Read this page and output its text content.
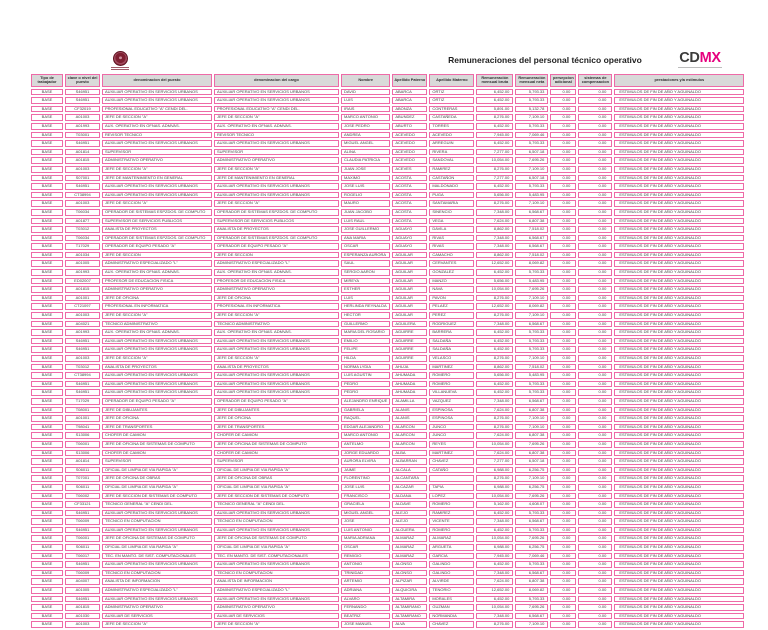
Remuneraciones del personal técnico operativo	CDMX
Tipo de trabajador	clave o nivel del puesto	denominacion del puesto	denominacion del cargo	Nombre	Apellido Paterno	Apellido Materno	Remuneración mensual bruta	Remuneración mensual neta	persepcion adicional	sistemas de compensacion	prestaciones y/a estimulos
BASE	S46951	AUXILIAR OPERATIVO EN SERVICIOS URBANOS	AUXILIAR OPERATIVO EN SERVICIOS URBANOS	DAVID	ABARCA	ORTIZ	6,452.00	5,793.33	0.00	0.00	ESTIMULOS DE FIN DE AÑO Y AGUINALDO
BASE	S46951	AUXILIAR OPERATIVO EN SERVICIOS URBANOS	AUXILIAR OPERATIVO EN SERVICIOS URBANOS	LUIS	ABARCA	ORTIZ	6,452.00	5,793.33	0.00	0.00	ESTIMULOS DE FIN DE AÑO Y AGUINALDO
BASE	CF32019	PROFESIONAL EDUCATIVO "A" CENDI DEL.	PROFESIONAL EDUCATIVO "A" CENDI DEL.	IRAIS	ABONZA	CONTRERAS	5,891.00	5,132.78	0.00	0.00	ESTIMULOS DE FIN DE AÑO Y AGUINALDO
BASE	A01003	JEFE DE SECCION "A"	JEFE DE SECCION "A"	MARCO ANTONIO	ABUNDEZ	CASTAÑEDA	8,276.00	7,109.10	0.00	0.00	ESTIMULOS DE FIN DE AÑO Y AGUINALDO
BASE	A01993	AUX. OPERATIVO EN OFNAS. ADMVAS.	AUX. OPERATIVO EN OFNAS. ADMVAS.	JOSE PEDRO	ABURTO	TORRES	6,452.00	5,793.33	0.00	0.00	ESTIMULOS DE FIN DE AÑO Y AGUINALDO
BASE	T03001	REVISOR TECNICO	REVISOR TECNICO	ANDREA	ACEVEDO	ACEVEDO	7,945.00	7,069.46	0.00	0.00	ESTIMULOS DE FIN DE AÑO Y AGUINALDO
BASE	S46951	AUXILIAR OPERATIVO EN SERVICIOS URBANOS	AUXILIAR OPERATIVO EN SERVICIOS URBANOS	MIGUEL ANGEL	ACEVEDO	ARREGUIN	6,452.00	5,793.33	0.00	0.00	ESTIMULOS DE FIN DE AÑO Y AGUINALDO
BASE	A01814	SUPERVISOR	SUPERVISOR	ALINA	ACEVEDO	RIVERA	7,277.00	6,507.18	0.00	0.00	ESTIMULOS DE FIN DE AÑO Y AGUINALDO
BASE	A01815	ADMINISTRATIVO OPERATIVO	ADMINISTRATIVO OPERATIVO	CLAUDIA PATRICIA	ACEVEDO	SANDOVAL	10,054.00	7,695.26	0.00	0.00	ESTIMULOS DE FIN DE AÑO Y AGUINALDO
BASE	A01003	JEFE DE SECCION "A"	JEFE DE SECCION "A"	JUAN JOSE	ACEVES	RAMIREZ	8,276.00	7,109.10	0.00	0.00	ESTIMULOS DE FIN DE AÑO Y AGUINALDO
BASE	S07001	JEFE DE MANTENIMIENTO EN GENERAL	JEFE DE MANTENIMIENTO EN GENERAL	MAXIMO	ACOSTA	CASTAÑON	7,277.00	6,507.18	0.00	0.00	ESTIMULOS DE FIN DE AÑO Y AGUINALDO
BASE	S46951	AUXILIAR OPERATIVO EN SERVICIOS URBANOS	AUXILIAR OPERATIVO EN SERVICIOS URBANOS	JOSE LUIS	ACOSTA	MALDONADO	6,452.00	5,793.33	0.00	0.00	ESTIMULOS DE FIN DE AÑO Y AGUINALDO
BASE	CT38994	AUXILIAR OPERATIVO EN SERVICIOS URBANOS	AUXILIAR OPERATIVO EN SERVICIOS URBANOS	ROGELIO	ACOSTA	PUGA	5,656.00	5,483.95	0.00	0.00	ESTIMULOS DE FIN DE AÑO Y AGUINALDO
BASE	A01003	JEFE DE SECCION "A"	JEFE DE SECCION "A"	MAURO	ACOSTA	SANTAMARIA	8,276.00	7,109.10	0.00	0.00	ESTIMULOS DE FIN DE AÑO Y AGUINALDO
BASE	T06034	OPERADOR DE SISTEMAS ESPZDOS. DE COMPUTO	OPERADOR DE SISTEMAS ESPZDOS. DE COMPUTO	JUAN JACOBO	ACOSTA	SINENCIO	7,348.00	6,568.67	0.00	0.00	ESTIMULOS DE FIN DE AÑO Y AGUINALDO
BASE	A01877	SUPERVISOR DE SERVICIOS PUBLICOS	SUPERVISOR DE SERVICIOS PUBLICOS	LUIS RAUL	ACOSTA	VEGA	7,624.00	6,807.38	0.00	0.00	ESTIMULOS DE FIN DE AÑO Y AGUINALDO
BASE	T03012	ANALISTA DE PROYECTOS	ANALISTA DE PROYECTOS	JOSE GUILLERMO	AGUAYO	DAVILA	8,862.00	7,518.02	0.00	0.00	ESTIMULOS DE FIN DE AÑO Y AGUINALDO
BASE	T06034	OPERADOR DE SISTEMAS ESPZDOS. DE COMPUTO	OPERADOR DE SISTEMAS ESPZDOS. DE COMPUTO	ANA MARIA	AGUAYO	RIVAS	7,348.00	6,568.67	0.00	0.00	ESTIMULOS DE FIN DE AÑO Y AGUINALDO
BASE	T17029	OPERADOR DE EQUIPO PESADO "A"	OPERADOR DE EQUIPO PESADO "A"	OSCAR	AGUAYO	RIVAS	7,348.00	6,568.67	0.00	0.00	ESTIMULOS DE FIN DE AÑO Y AGUINALDO
BASE	A01034	JEFE DE SECCION	JEFE DE SECCION	ESPERANZA AURORA	AGUILAR	CAMACHO	8,862.00	7,518.02	0.00	0.00	ESTIMULOS DE FIN DE AÑO Y AGUINALDO
BASE	A01005	ADMINISTRATIVO ESPECIALIZADO "L"	ADMINISTRATIVO ESPECIALIZADO "L"	SAUL	AGUILAR	CERVANTES	12,652.00	8,069.82	0.00	0.00	ESTIMULOS DE FIN DE AÑO Y AGUINALDO
BASE	A01993	AUX. OPERATIVO EN OFNAS. ADMVAS.	AUX. OPERATIVO EN OFNAS. ADMVAS.	SERGIO AARON	AGUILAR	GONZALEZ	6,452.00	5,793.33	0.00	0.00	ESTIMULOS DE FIN DE AÑO Y AGUINALDO
BASE	ED02007	PROFESOR DE EDUCACION FISICA	PROFESOR DE EDUCACION FISICA	MIREYA	AGUILAR	MANZO	5,656.00	5,483.95	0.00	0.00	ESTIMULOS DE FIN DE AÑO Y AGUINALDO
BASE	A01815	ADMINISTRATIVO OPERATIVO	ADMINISTRATIVO OPERATIVO	ESTHER	AGUILAR	NAVA	10,054.00	7,695.26	0.00	0.00	ESTIMULOS DE FIN DE AÑO Y AGUINALDO
BASE	A01001	JEFE DE OFICINA	JEFE DE OFICINA	LUIS	AGUILAR	PAVON	8,276.00	7,109.10	0.00	0.00	ESTIMULOS DE FIN DE AÑO Y AGUINALDO
BASE	CT21097	PROFESIONAL EN INFORMATICA	PROFESIONAL EN INFORMATICA	HERLINDA REYNALDA	AGUILAR	PELAEZ	12,652.00	8,069.82	0.00	0.00	ESTIMULOS DE FIN DE AÑO Y AGUINALDO
BASE	A01003	JEFE DE SECCION "A"	JEFE DE SECCION "A"	HECTOR	AGUILAR	PEREZ	8,276.00	7,109.10	0.00	0.00	ESTIMULOS DE FIN DE AÑO Y AGUINALDO
BASE	A04021	TECNICO ADMINISTRATIVO	TECNICO ADMINISTRATIVO	GUILLERMO	AGUILERA	RODRIGUEZ	7,348.00	6,568.67	0.00	0.00	ESTIMULOS DE FIN DE AÑO Y AGUINALDO
BASE	A01993	AUX. OPERATIVO EN OFNAS. ADMVAS.	AUX. OPERATIVO EN OFNAS. ADMVAS.	MARIA DEL ROSARIO	AGUIRRE	BARRERA	6,452.00	5,793.33	0.00	0.00	ESTIMULOS DE FIN DE AÑO Y AGUINALDO
BASE	S46951	AUXILIAR OPERATIVO EN SERVICIOS URBANOS	AUXILIAR OPERATIVO EN SERVICIOS URBANOS	EMILIO	AGUIRRE	SALDAÑA	6,452.00	5,793.33	0.00	0.00	ESTIMULOS DE FIN DE AÑO Y AGUINALDO
BASE	S46951	AUXILIAR OPERATIVO EN SERVICIOS URBANOS	AUXILIAR OPERATIVO EN SERVICIOS URBANOS	FELIPE	AGUIRRE	SALDAÑA	6,452.00	5,793.33	0.00	0.00	ESTIMULOS DE FIN DE AÑO Y AGUINALDO
BASE	A01003	JEFE DE SECCION "A"	JEFE DE SECCION "A"	HILDA	AGUIRRE	VELASCO	8,276.00	7,109.10	0.00	0.00	ESTIMULOS DE FIN DE AÑO Y AGUINALDO
BASE	T03012	ANALISTA DE PROYECTOS	ANALISTA DE PROYECTOS	NORMA LYDIA	AHUJA	MARTINEZ	8,862.00	7,518.02	0.00	0.00	ESTIMULOS DE FIN DE AÑO Y AGUINALDO
BASE	CT38994	AUXILIAR OPERATIVO EN SERVICIOS URBANOS	AUXILIAR OPERATIVO EN SERVICIOS URBANOS	LUIS AGUSTIN	AHUMADA	ROMERO	5,656.00	5,483.95	0.00	0.00	ESTIMULOS DE FIN DE AÑO Y AGUINALDO
BASE	S46951	AUXILIAR OPERATIVO EN SERVICIOS URBANOS	AUXILIAR OPERATIVO EN SERVICIOS URBANOS	PEDRO	AHUMADA	ROMERO	6,452.00	5,793.33	0.00	0.00	ESTIMULOS DE FIN DE AÑO Y AGUINALDO
BASE	S46951	AUXILIAR OPERATIVO EN SERVICIOS URBANOS	AUXILIAR OPERATIVO EN SERVICIOS URBANOS	PEDRO	AHUMADA	VILLANUEVA	6,452.00	5,793.33	0.00	0.00	ESTIMULOS DE FIN DE AÑO Y AGUINALDO
BASE	T17029	OPERADOR DE EQUIPO PESADO "A"	OPERADOR DE EQUIPO PESADO "A"	ALEJANDRO ENRIQUE	ALAMILLA	VAZQUEZ	7,348.00	6,568.67	0.00	0.00	ESTIMULOS DE FIN DE AÑO Y AGUINALDO
BASE	T08001	JEFE DE DIBUJANTES	JEFE DE DIBUJANTES	GABRIELA	ALANIS	ESPINOSA	7,624.00	6,807.38	0.00	0.00	ESTIMULOS DE FIN DE AÑO Y AGUINALDO
BASE	A01001	JEFE DE OFICINA	JEFE DE OFICINA	RAQUEL	ALANIS	ESPINOSA	8,276.00	7,109.10	0.00	0.00	ESTIMULOS DE FIN DE AÑO Y AGUINALDO
BASE	T98041	JEFE DE TRANSPORTES	JEFE DE TRANSPORTES	EDGAR ALEJANDRO	ALARCON	JUNCO	8,276.00	7,109.10	0.00	0.00	ESTIMULOS DE FIN DE AÑO Y AGUINALDO
BASE	S13006	CHOFER DE CAMION	CHOFER DE CAMION	MARCO ANTONIO	ALARCON	JUNCO	7,624.00	6,807.38	0.00	0.00	ESTIMULOS DE FIN DE AÑO Y AGUINALDO
BASE	T06001	JEFE DE OFICINA DE SISTEMAS DE COMPUTO	JEFE DE OFICINA DE SISTEMAS DE COMPUTO	ANTELMO	ALARCON	REYES	10,054.00	7,695.26	0.00	0.00	ESTIMULOS DE FIN DE AÑO Y AGUINALDO
BASE	S13006	CHOFER DE CAMION	CHOFER DE CAMION	JORGE EDUARDO	ALBA	MARTINEZ	7,624.00	6,807.38	0.00	0.00	ESTIMULOS DE FIN DE AÑO Y AGUINALDO
BASE	A01814	SUPERVISOR	SUPERVISOR	AURORA ELVIRA	ALBARRAN	CHAVEZ	7,277.00	6,507.18	0.00	0.00	ESTIMULOS DE FIN DE AÑO Y AGUINALDO
BASE	S06011	OFICIAL DE LIMPIA DE VIA RAPIDA "A"	OFICIAL DE LIMPIA DE VIA RAPIDA "A"	JAIME	ALCALA	CATAÑO	6,988.00	6,256.75	0.00	0.00	ESTIMULOS DE FIN DE AÑO Y AGUINALDO
BASE	T07001	JEFE DE OFICINA DE OBRAS	JEFE DE OFICINA DE OBRAS	FLORENTINO	ALCANTARA		8,276.00	7,109.10	0.00	0.00	ESTIMULOS DE FIN DE AÑO Y AGUINALDO
BASE	S06011	OFICIAL DE LIMPIA DE VIA RAPIDA "A"	OFICIAL DE LIMPIA DE VIA RAPIDA "A"	JOSE LUIS	ALCAZAR	TAPIA	6,988.00	6,256.75	0.00	0.00	ESTIMULOS DE FIN DE AÑO Y AGUINALDO
BASE	T06002	JEFE DE SECCION DE SISTEMAS DE COMPUTO	JEFE DE SECCION DE SISTEMAS DE COMPUTO	FRANCISCO	ALDANA	LOPEZ	10,054.00	7,695.26	0.00	0.00	ESTIMULOS DE FIN DE AÑO Y AGUINALDO
BASE	CF33121	TECNICO GENERAL "A" CENDI DEL.	TECNICO GENERAL "A" CENDI DEL.	GRACIELA	ALDAVE	ROMERO	5,162.00	4,608.07	0.00	0.00	ESTIMULOS DE FIN DE AÑO Y AGUINALDO
BASE	S46951	AUXILIAR OPERATIVO EN SERVICIOS URBANOS	AUXILIAR OPERATIVO EN SERVICIOS URBANOS	MIGUEL ANGEL	ALEJO	RAMIREZ	6,452.00	5,793.33	0.00	0.00	ESTIMULOS DE FIN DE AÑO Y AGUINALDO
BASE	T06009	TECNICO EN COMPUTACION	TECNICO EN COMPUTACION	JOSE	ALEJO	VICENTE	7,348.00	6,568.67	0.00	0.00	ESTIMULOS DE FIN DE AÑO Y AGUINALDO
BASE	S46951	AUXILIAR OPERATIVO EN SERVICIOS URBANOS	AUXILIAR OPERATIVO EN SERVICIOS URBANOS	LUIS ANTONIO	ALGUERA	ROMERO	6,452.00	5,793.33	0.00	0.00	ESTIMULOS DE FIN DE AÑO Y AGUINALDO
BASE	T06001	JEFE DE OFICINA DE SISTEMAS DE COMPUTO	JEFE DE OFICINA DE SISTEMAS DE COMPUTO	MARIA ADRIANA	ALMARAZ	ALMARAZ	10,054.00	7,695.26	0.00	0.00	ESTIMULOS DE FIN DE AÑO Y AGUINALDO
BASE	S06011	OFICIAL DE LIMPIA DE VIA RAPIDA "A"	OFICIAL DE LIMPIA DE VIA RAPIDA "A"	OSCAR	ALMARAZ	ARGUETA	6,988.00	6,256.75	0.00	0.00	ESTIMULOS DE FIN DE AÑO Y AGUINALDO
BASE	T06017	TEC. EN MANTO. DE SIST. COMPUTACIONALES	TEC. EN MANTO. DE SIST. COMPUTACIONALES	REMIGIO	ALMARAZ	GARCIA	7,945.00	7,069.46	0.00	0.00	ESTIMULOS DE FIN DE AÑO Y AGUINALDO
BASE	S46951	AUXILIAR OPERATIVO EN SERVICIOS URBANOS	AUXILIAR OPERATIVO EN SERVICIOS URBANOS	ANTONIO	ALONSO	GALINDO	6,452.00	5,793.33	0.00	0.00	ESTIMULOS DE FIN DE AÑO Y AGUINALDO
BASE	T06009	TECNICO EN COMPUTACION	TECNICO EN COMPUTACION	TRINIDAD	ALONSO	GALINDO	7,348.00	6,568.67	0.00	0.00	ESTIMULOS DE FIN DE AÑO Y AGUINALDO
BASE	A04007	ANALISTA DE INFORMACION	ANALISTA DE INFORMACION	ARTEMIO	ALPIZAR	ALVIRDE	7,624.00	6,807.38	0.00	0.00	ESTIMULOS DE FIN DE AÑO Y AGUINALDO
BASE	A01005	ADMINISTRATIVO ESPECIALIZADO "L"	ADMINISTRATIVO ESPECIALIZADO "L"	ADRIANA	ALQUICIRA	TENORIO	12,652.00	8,069.82	0.00	0.00	ESTIMULOS DE FIN DE AÑO Y AGUINALDO
BASE	S46951	AUXILIAR OPERATIVO EN SERVICIOS URBANOS	AUXILIAR OPERATIVO EN SERVICIOS URBANOS	ALVARO	ALTAMIRA	MORALES	6,452.00	5,793.33	0.00	0.00	ESTIMULOS DE FIN DE AÑO Y AGUINALDO
BASE	A01815	ADMINISTRATIVO OPERATIVO	ADMINISTRATIVO OPERATIVO	FERNANDO	ALTAMIRANO	GUZMAN	10,054.00	7,695.26	0.00	0.00	ESTIMULOS DE FIN DE AÑO Y AGUINALDO
BASE	A01030	AUXILIAR DE SERVICIOS	AUXILIAR DE SERVICIOS	BEATRIZ	ALTAMIRANO	NORMANDIA	7,348.00	6,568.67	0.00	0.00	ESTIMULOS DE FIN DE AÑO Y AGUINALDO
BASE	A01003	JEFE DE SECCION "A"	JEFE DE SECCION "A"	JOSE MANUEL	ALVA	CHAVEZ	8,276.00	7,109.10	0.00	0.00	ESTIMULOS DE FIN DE AÑO Y AGUINALDO
